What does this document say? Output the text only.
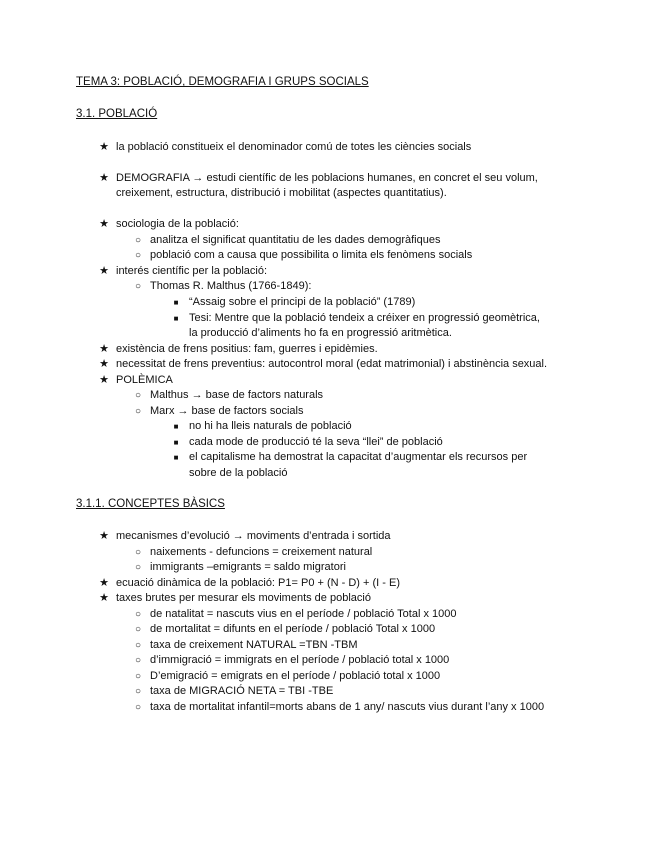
TEMA 3: POBLACIÓ, DEMOGRAFIA I GRUPS SOCIALS
3.1. POBLACIÓ
★ la població constitueix el denominador comú de totes les ciències socials
★ DEMOGRAFIA → estudi científic de les poblacions humanes, en concret el seu volum,
creixement, estructura, distribució i mobilitat (aspectes quantitatius).
★ sociologia de la població:
○ analitza el significat quantitatiu de les dades demogràfiques
○ població com a causa que possibilita o limita els fenòmens socials
★ interés científic per la població:
○ Thomas R. Malthus (1766-1849):
■ “Assaig sobre el principi de la població” (1789)
■ Tesi: Mentre que la població tendeix a créixer en progressió geomètrica,
la producció d’aliments ho fa en progressió aritmètica.
★ existència de frens positius: fam, guerres i epidèmies.
★ necessitat de frens preventius: autocontrol moral (edat matrimonial) i abstinència sexual.
★ POLÈMICA
○ Malthus → base de factors naturals
○ Marx → base de factors socials
■ no hi ha lleis naturals de població
■ cada mode de producció té la seva “llei” de població
■ el capitalisme ha demostrat la capacitat d’augmentar els recursos per
sobre de la població
3.1.1. CONCEPTES BÀSICS
★ mecanismes d’evolució → moviments d’entrada i sortida
○ naixements - defuncions = creixement natural
○ immigrants –emigrants = saldo migratori
★ ecuació dinàmica de la població: P1= P0 + (N - D) + (I - E)
★ taxes brutes per mesurar els moviments de població
○ de natalitat = nascuts vius en el període / població Total x 1000
○ de mortalitat = difunts en el període / població Total x 1000
○ taxa de creixement NATURAL =TBN -TBM
○ d’immigració = immigrats en el període / població total x 1000
○ D’emigració = emigrats en el període / població total x 1000
○ taxa de MIGRACIÓ NETA = TBI -TBE
○ taxa de mortalitat infantil=morts abans de 1 any/ nascuts vius durant l’any x 1000
